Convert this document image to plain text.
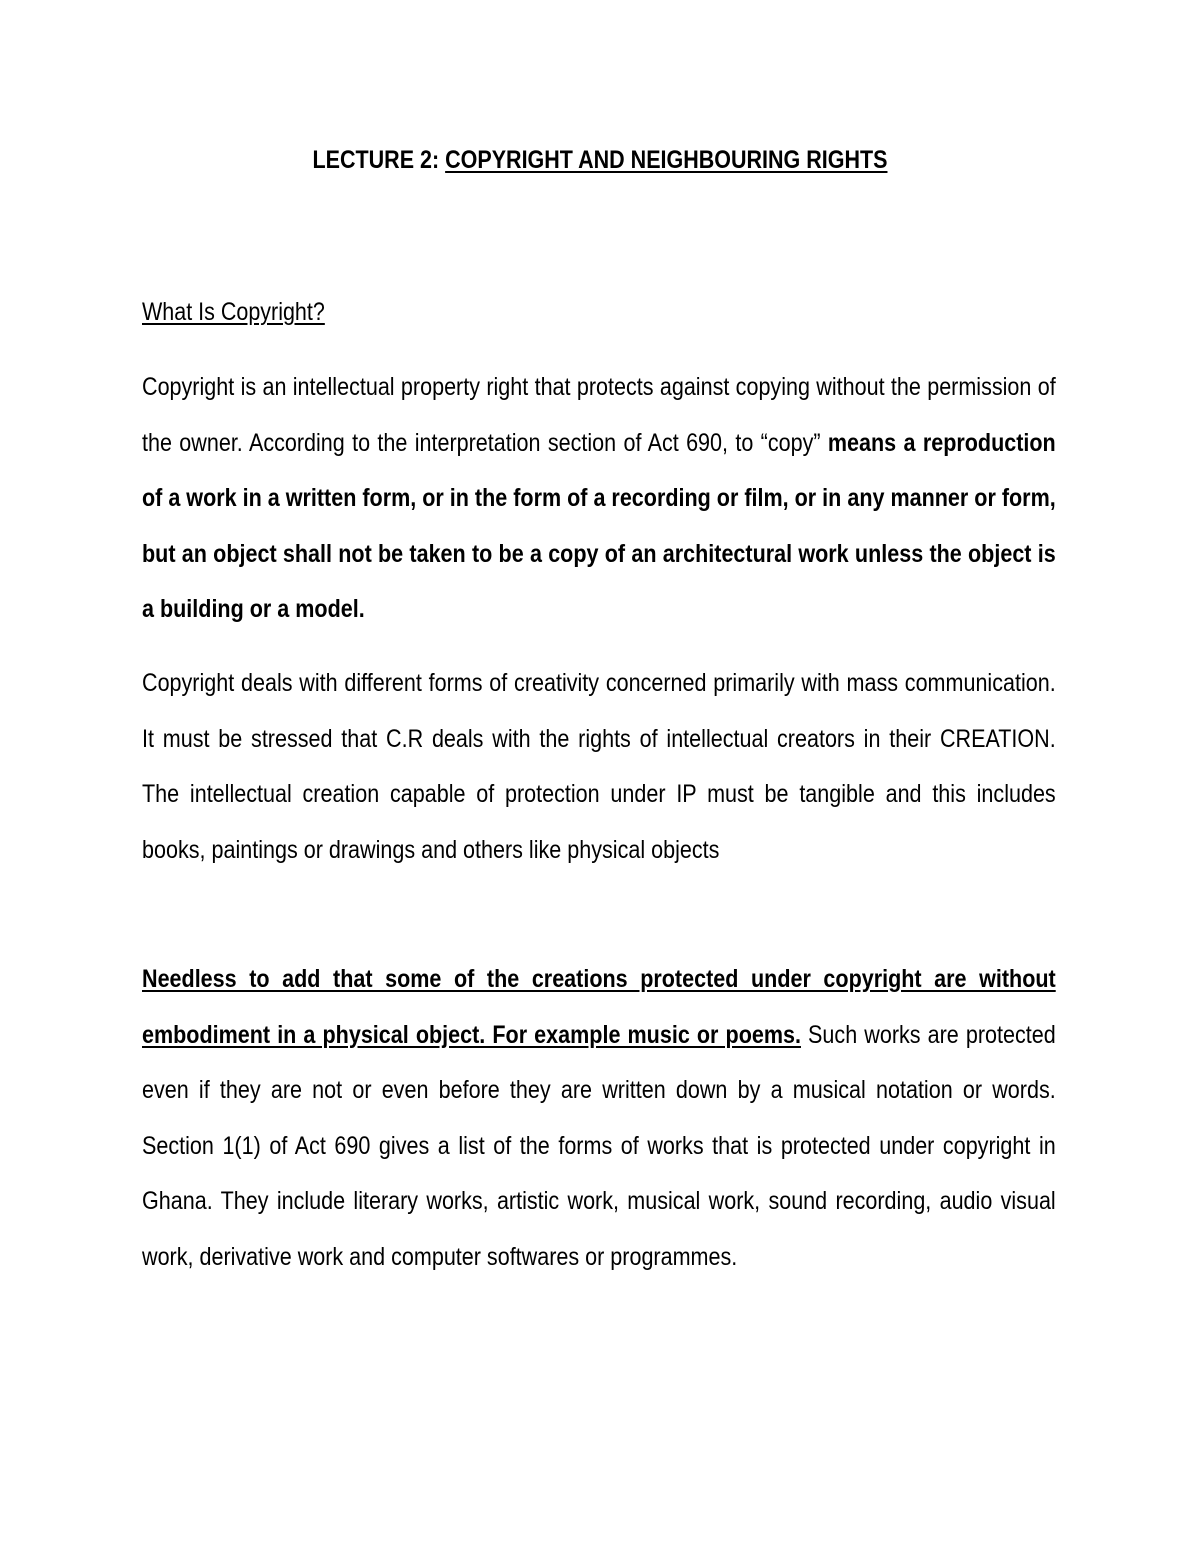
LECTURE 2: COPYRIGHT AND NEIGHBOURING RIGHTS
What Is Copyright?

Copyright is an intellectual property right that protects against copying without the permission of the owner. According to the interpretation section of Act 690, to “copy” means a reproduction of a work in a written form, or in the form of a recording or film, or in any manner or form, but an object shall not be taken to be a copy of an architectural work unless the object is a building or a model.

Copyright deals with different forms of creativity concerned primarily with mass communication. It must be stressed that C.R deals with the rights of intellectual creators in their CREATION. The intellectual creation capable of protection under IP must be tangible and this includes books, paintings or drawings and others like physical objects

Needless to add that some of the creations protected under copyright are without embodiment in a physical object. For example music or poems. Such works are protected even if they are not or even before they are written down by a musical notation or words. Section 1(1) of Act 690 gives a list of the forms of works that is protected under copyright in Ghana. They include literary works, artistic work, musical work, sound recording, audio visual work, derivative work and computer softwares or programmes.
